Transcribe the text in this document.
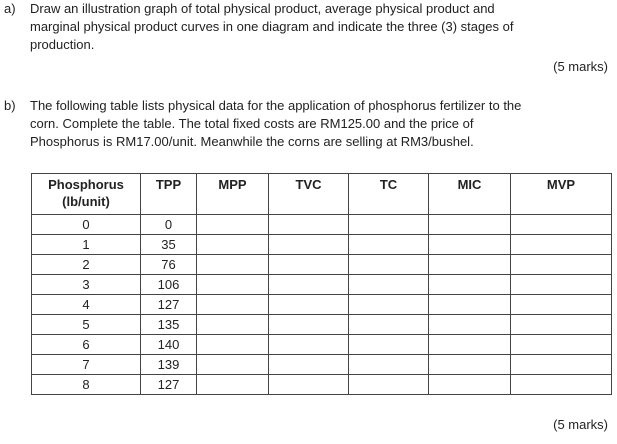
a) Draw an illustration graph of total physical product, average physical product and
marginal physical product curves in one diagram and indicate the three (3) stages of
production.
(5 marks)
b) The following table lists physical data for the application of phosphorus fertilizer to the
corn. Complete the table. The total fixed costs are RM125.00 and the price of
Phosphorus is RM17.00/unit. Meanwhile the corns are selling at RM3/bushel.
Phosphorus
(lb/unit)	TPP	MPP	TVC	TC	MIC	MVP
0	0					
1	35					
2	76					
3	106					
4	127					
5	135					
6	140					
7	139					
8	127					
(5 marks)
